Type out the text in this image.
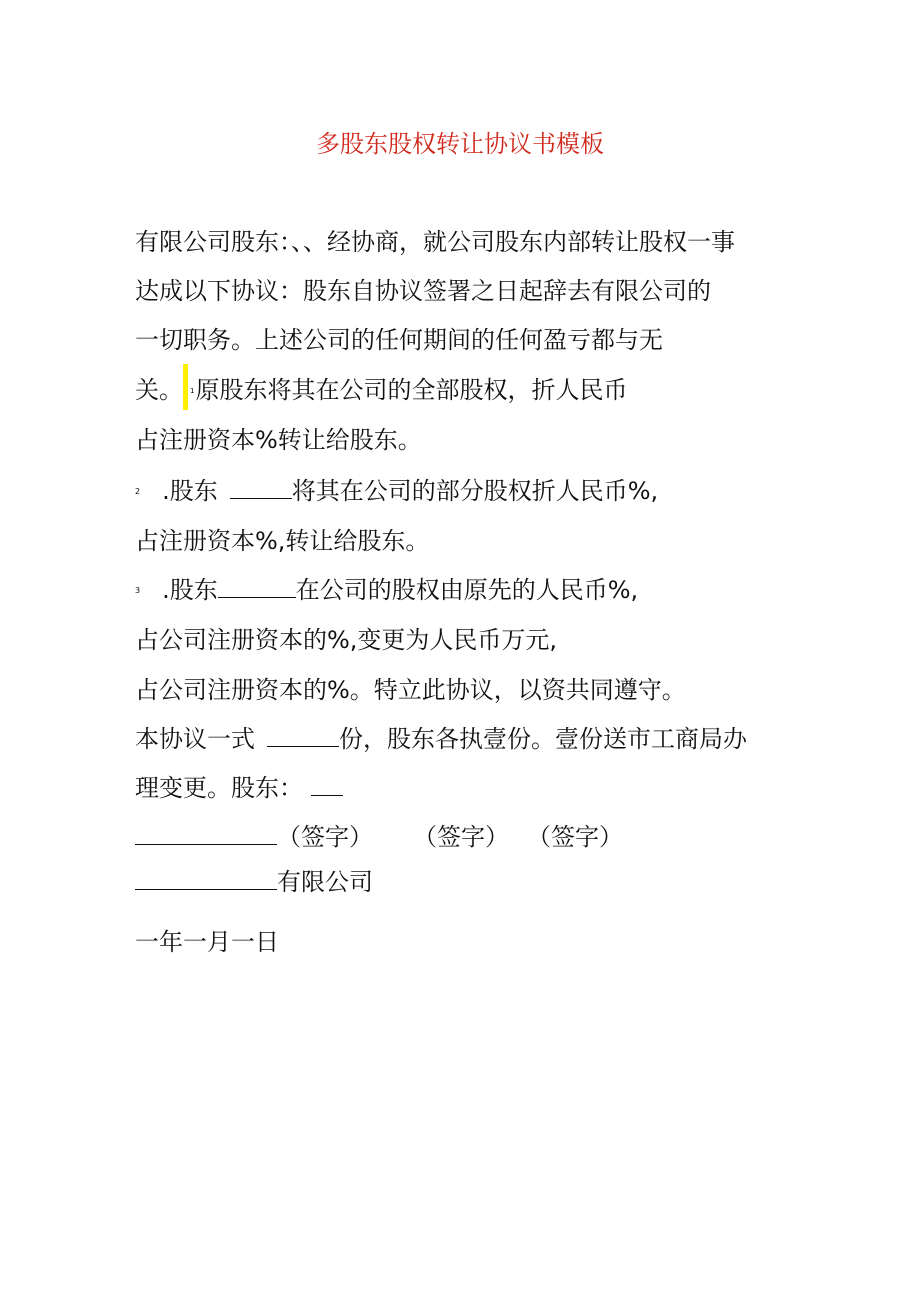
多股东股权转让协议书模板
有限公司股东：、、经协商，就公司股东内部转让股权一事
达成以下协议：股东自协议签署之日起辞去有限公司的
一切职务。上述公司的任何期间的任何盈亏都与无
关。 1原股东将其在公司的全部股权，折人民币
占注册资本%转让给股东。
2 .股东	将其在公司的部分股权折人民币%,
占注册资本%,转让给股东。
3 .股东	在公司的股权由原先的人民币%,
占公司注册资本的%,变更为人民币万元,
占公司注册资本的%。特立此协议，以资共同遵守。
本协议一式	份，股东各执壹份。壹份送市工商局办
理变更。股东：
（签字） （签字） （签字）
有限公司
一年一月一日
